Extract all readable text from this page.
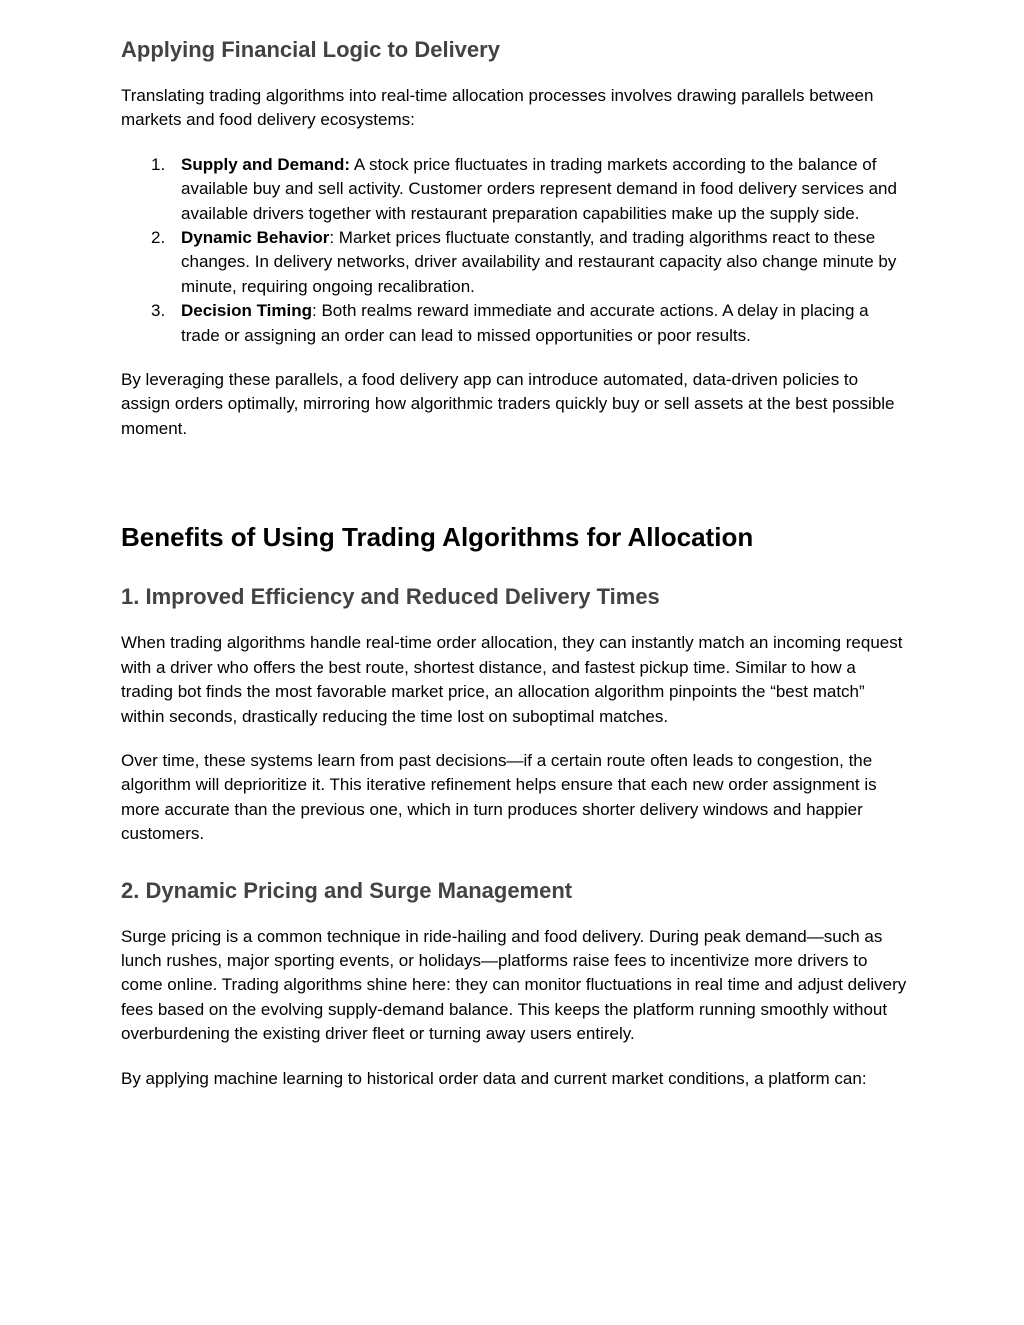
Applying Financial Logic to Delivery

Translating trading algorithms into real-time allocation processes involves drawing parallels between markets and food delivery ecosystems:

1. Supply and Demand: A stock price fluctuates in trading markets according to the balance of available buy and sell activity. Customer orders represent demand in food delivery services and available drivers together with restaurant preparation capabilities make up the supply side.
2. Dynamic Behavior: Market prices fluctuate constantly, and trading algorithms react to these changes. In delivery networks, driver availability and restaurant capacity also change minute by minute, requiring ongoing recalibration.
3. Decision Timing: Both realms reward immediate and accurate actions. A delay in placing a trade or assigning an order can lead to missed opportunities or poor results.

By leveraging these parallels, a food delivery app can introduce automated, data-driven policies to assign orders optimally, mirroring how algorithmic traders quickly buy or sell assets at the best possible moment.

Benefits of Using Trading Algorithms for Allocation
1. Improved Efficiency and Reduced Delivery Times

When trading algorithms handle real-time order allocation, they can instantly match an incoming request with a driver who offers the best route, shortest distance, and fastest pickup time. Similar to how a trading bot finds the most favorable market price, an allocation algorithm pinpoints the “best match” within seconds, drastically reducing the time lost on suboptimal matches.

Over time, these systems learn from past decisions—if a certain route often leads to congestion, the algorithm will deprioritize it. This iterative refinement helps ensure that each new order assignment is more accurate than the previous one, which in turn produces shorter delivery windows and happier customers.

2. Dynamic Pricing and Surge Management

Surge pricing is a common technique in ride-hailing and food delivery. During peak demand—such as lunch rushes, major sporting events, or holidays—platforms raise fees to incentivize more drivers to come online. Trading algorithms shine here: they can monitor fluctuations in real time and adjust delivery fees based on the evolving supply-demand balance. This keeps the platform running smoothly without overburdening the existing driver fleet or turning away users entirely.

By applying machine learning to historical order data and current market conditions, a platform can:
